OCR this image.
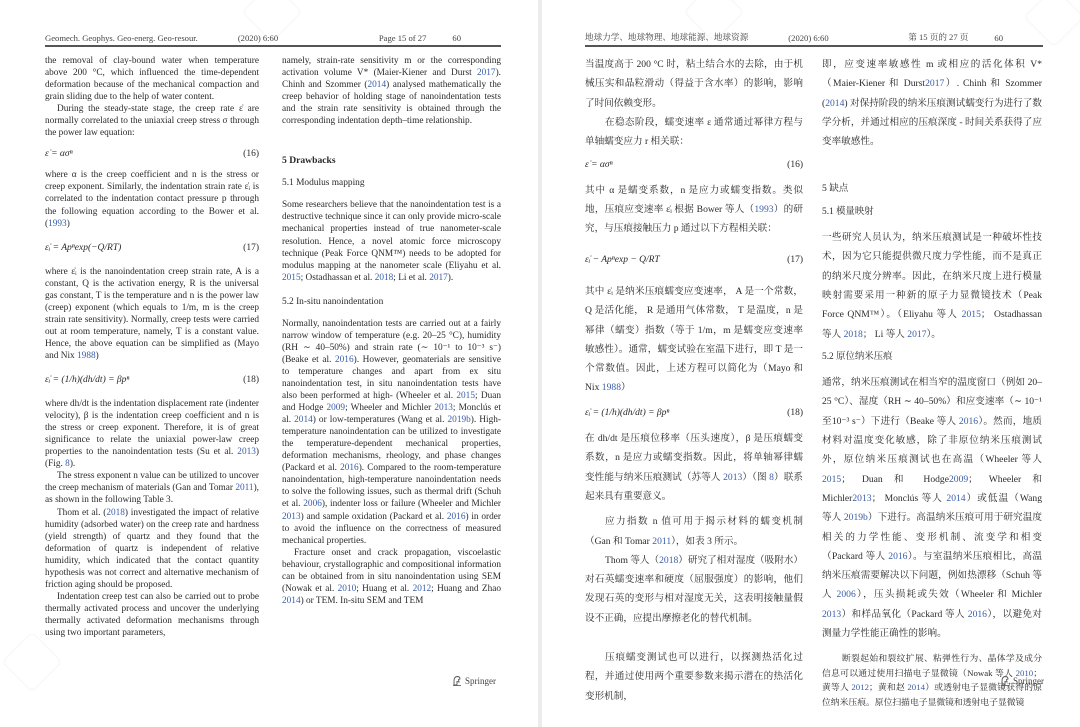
Geomech. Geophys. Geo-energ. Geo-resour.	(2020) 6:60	Page 15 of 27	60

the removal of clay-bound water when temperature above 200 °C, which influenced the time-dependent deformation because of the mechanical compaction and grain sliding due to the help of water content.

During the steady-state stage, the creep rate ε̇ are normally correlated to the uniaxial creep stress σ through the power law equation:

ε̇ = ασⁿ	(16)

where α is the creep coefficient and n is the stress or creep exponent. Similarly, the indentation strain rate ε̇ᵢ is correlated to the indentation contact pressure p through the following equation according to the Bower et al. (1993)

ε̇ᵢ = Apⁿexp(−Q/RT)	(17)

where ε̇ᵢ is the nanoindentation creep strain rate, A is a constant, Q is the activation energy, R is the universal gas constant, T is the temperature and n is the power law (creep) exponent (which equals to 1/m, m is the creep strain rate sensitivity). Normally, creep tests were carried out at room temperature, namely, T is a constant value. Hence, the above equation can be simplified as (Mayo and Nix 1988)

ε̇ᵢ = (1/h)(dh/dt) = βpⁿ	(18)

where dh/dt is the indentation displacement rate (indenter velocity), β is the indentation creep coefficient and n is the stress or creep exponent. Therefore, it is of great significance to relate the uniaxial power-law creep properties to the nanoindentation tests (Su et al. 2013) (Fig. 8).

The stress exponent n value can be utilized to uncover the creep mechanism of materials (Gan and Tomar 2011), as shown in the following Table 3.

Thom et al. (2018) investigated the impact of relative humidity (adsorbed water) on the creep rate and hardness (yield strength) of quartz and they found that the deformation of quartz is independent of relative humidity, which indicated that the contact quantity hypothesis was not correct and alternative mechanism of friction aging should be proposed.

Indentation creep test can also be carried out to probe thermally activated process and uncover the underlying thermally activated deformation mechanisms through using two important parameters,

namely, strain-rate sensitivity m or the corresponding activation volume V* (Maier-Kiener and Durst 2017). Chinh and Szommer (2014) analysed mathematically the creep behavior of holding stage of nanoindentation tests and the strain rate sensitivity is obtained through the corresponding indentation depth–time relationship.

5 Drawbacks
5.1 Modulus mapping

Some researchers believe that the nanoindentation test is a destructive technique since it can only provide micro-scale mechanical properties instead of true nanometer-scale resolution. Hence, a novel atomic force microscopy technique (Peak Force QNM™) needs to be adopted for modulus mapping at the nanometer scale (Eliyahu et al. 2015; Ostadhassan et al. 2018; Li et al. 2017).

5.2 In-situ nanoindentation

Normally, nanoindentation tests are carried out at a fairly narrow window of temperature (e.g. 20–25 °C), humidity (RH ∼ 40–50%) and strain rate (∼ 10⁻¹ to 10⁻³ s⁻) (Beake et al. 2016). However, geomaterials are sensitive to temperature changes and apart from ex situ nanoindentation test, in situ nanoindentation tests have also been performed at high- (Wheeler et al. 2015; Duan and Hodge 2009; Wheeler and Michler 2013; Monclús et al. 2014) or low-temperatures (Wang et al. 2019b). High-temperature nanoindentation can be utilized to investigate the temperature-dependent mechanical properties, deformation mechanisms, rheology, and phase changes (Packard et al. 2016). Compared to the room-temperature nanoindentation, high-temperature nanoindentation needs to solve the following issues, such as thermal drift (Schuh et al. 2006), indenter loss or failure (Wheeler and Michler 2013) and sample oxidation (Packard et al. 2016) in order to avoid the influence on the correctness of measured mechanical properties.

Fracture onset and crack propagation, viscoelastic behaviour, crystallographic and compositional information can be obtained from in situ nanoindentation using SEM (Nowak et al. 2010; Huang et al. 2012; Huang and Zhao 2014) or TEM. In-situ SEM and TEM

Springer
地球力学、地球物理、地球能源、地球资源	(2020) 6:60	第 15 页的 27 页	60

当温度高于 200 °C 时，粘土结合水的去除，由于机械压实和晶粒滑动（得益于含水率）的影响，影响了时间依赖变形。

在稳态阶段，蠕变速率 ε 通常通过幂律方程与单轴蠕变应力 r 相关联：

ε̇ = ασⁿ	(16)

其中 α 是蠕变系数，n 是应力或蠕变指数。类似地，压痕应变速率 ε̇ᵢ 根据 Bower 等人（1993）的研究，与压痕接触压力 p 通过以下方程相关联：

ε̇ᵢ − Apⁿexp − Q/RT	(17)

其中 ε̇ᵢ 是纳米压痕蠕变应变速率， A 是一个常数， Q 是活化能， R 是通用气体常数， T 是温度，n 是幂律（蠕变）指数（等于 1/m，m 是蠕变应变速率敏感性）。通常，蠕变试验在室温下进行，即 T 是一个常数值。因此，上述方程可以简化为（Mayo 和 Nix 1988）

ε̇ᵢ = (1/h)(dh/dt) = βpⁿ	(18)

在 dh/dt 是压痕位移率（压头速度），β 是压痕蠕变系数，n 是应力或蠕变指数。因此，将单轴幂律蠕变性能与纳米压痕测试（苏等人 2013）（图 8）联系起来具有重要意义。

应力指数 n 值可用于揭示材料的蠕变机制（Gan 和 Tomar 2011），如表 3 所示。

Thom 等人（2018）研究了相对湿度（吸附水）对石英蠕变速率和硬度（屈服强度）的影响，他们发现石英的变形与相对湿度无关，这表明接触量假设不正确，应提出摩擦老化的替代机制。

压痕蠕变测试也可以进行，以探测热活化过程，并通过使用两个重要参数来揭示潜在的热活化变形机制，

即，应变速率敏感性 m 或相应的活化体积 V*（Maier-Kiener 和 Durst2017）. Chinh 和 Szommer (2014) 对保持阶段的纳米压痕测试蠕变行为进行了数学分析，并通过相应的压痕深度 - 时间关系获得了应变率敏感性。

5 缺点
5.1 模量映射

一些研究人员认为，纳米压痕测试是一种破坏性技术，因为它只能提供微尺度力学性能，而不是真正的纳米尺度分辨率。因此，在纳米尺度上进行模量映射需要采用一种新的原子力显微镜技术（Peak Force QNM™）。（Eliyahu 等人 2015； Ostadhassan 等人 2018； Li 等人 2017）。

5.2 原位纳米压痕

通常，纳米压痕测试在相当窄的温度窗口（例如 20–25 °C）、湿度（RH ∼ 40–50%）和应变速率（∼ 10⁻¹至10⁻³ s⁻）下进行（Beake 等人 2016）。然而，地质材料对温度变化敏感，除了非原位纳米压痕测试外，原位纳米压痕测试也在高温（Wheeler 等人 2015； Duan 和 Hodge2009； Wheeler 和 Michler2013； Monclús 等人 2014）或低温（Wang 等人 2019b）下进行。高温纳米压痕可用于研究温度相关的力学性能、变形机制、流变学和相变（Packard 等人 2016）。与室温纳米压痕相比，高温纳米压痕需要解决以下问题，例如热漂移（Schuh 等人 2006），压头损耗或失效（Wheeler 和 Michler 2013）和样品氧化（Packard 等人 2016），以避免对测量力学性能正确性的影响。

断裂起始和裂纹扩展、粘弹性行为、晶体学及成分信息可以通过使用扫描电子显微镜（Nowak 等人 2010；黄等人 2012；黄和赵 2014）或透射电子显微镜获得的原位纳米压痕。原位扫描电子显微镜和透射电子显微镜

Springer
